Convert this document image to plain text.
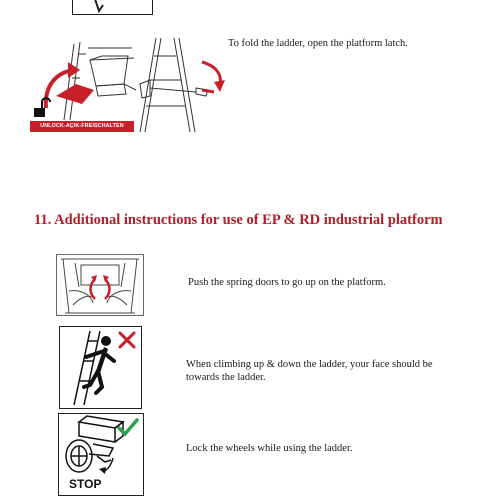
UNLOCK-AÇIK-FREISCHALTEN
To fold the ladder, open the platform latch.
11. Additional instructions for use of EP & RD industrial platform
Push the spring doors to go up on the platform.
When climbing up & down the ladder, your face should be towards the ladder.
STOP
Lock the wheels while using the ladder.
